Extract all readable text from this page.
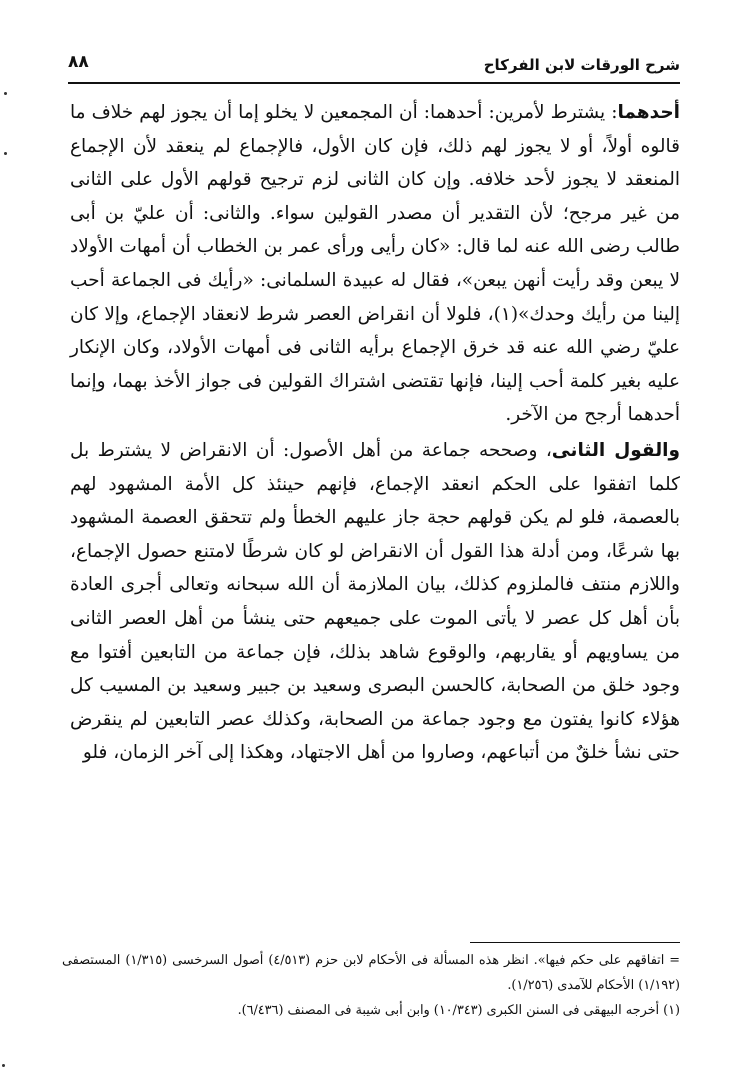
شرح الورقات لابن الفركاح
٨٨

أحدهما: يشترط لأمرين: أحدهما: أن المجمعين لا يخلو إما أن يجوز لهم خلاف ما قالوه أولاً، أو لا يجوز لهم ذلك، فإن كان الأول، فالإجماع لم ينعقد لأن الإجماع المنعقد لا يجوز لأحد خلافه. وإن كان الثانى لزم ترجيح قولهم الأول على الثانى من غير مرجح؛ لأن التقدير أن مصدر القولين سواء. والثانى: أن عليّ بن أبى طالب رضى الله عنه لما قال: «كان رأيى ورأى عمر بن الخطاب أن أمهات الأولاد لا يبعن وقد رأيت أنهن يبعن»، فقال له عبيدة السلمانى: «رأيك فى الجماعة أحب إلينا من رأيك وحدك»(١)، فلولا أن انقراض العصر شرط لانعقاد الإجماع، وإلا كان عليّ رضي الله عنه قد خرق الإجماع برأيه الثانى فى أمهات الأولاد، وكان الإنكار عليه بغير كلمة أحب إلينا، فإنها تقتضى اشتراك القولين فى جواز الأخذ بهما، وإنما أحدهما أرجح من الآخر.

والقول الثانى، وصححه جماعة من أهل الأصول: أن الانقراض لا يشترط بل كلما اتفقوا على الحكم انعقد الإجماع، فإنهم حينئذ كل الأمة المشهود لهم بالعصمة، فلو لم يكن قولهم حجة جاز عليهم الخطأ ولم تتحقق العصمة المشهود بها شرعًا، ومن أدلة هذا القول أن الانقراض لو كان شرطًا لامتنع حصول الإجماع، واللازم منتف فالملزوم كذلك، بيان الملازمة أن الله سبحانه وتعالى أجرى العادة بأن أهل كل عصر لا يأتى الموت على جميعهم حتى ينشأ من أهل العصر الثانى من يساويهم أو يقاربهم، والوقوع شاهد بذلك، فإن جماعة من التابعين أفتوا مع وجود خلق من الصحابة، كالحسن البصرى وسعيد بن جبير وسعيد بن المسيب كل هؤلاء كانوا يفتون مع وجود جماعة من الصحابة، وكذلك عصر التابعين لم ينقرض حتى نشأ خلقٌ من أتباعهم، وصاروا من أهل الاجتهاد، وهكذا إلى آخر الزمان، فلو

= اتفاقهم على حكم فيها». انظر هذه المسألة فى الأحكام لابن حزم (٤/٥١٣) أصول السرخسى (١/٣١٥) المستصفى (١/١٩٢) الأحكام للآمدى (١/٢٥٦).

(١) أخرجه البيهقى فى السنن الكبرى (١٠/٣٤٣) وابن أبى شيبة فى المصنف (٦/٤٣٦).
